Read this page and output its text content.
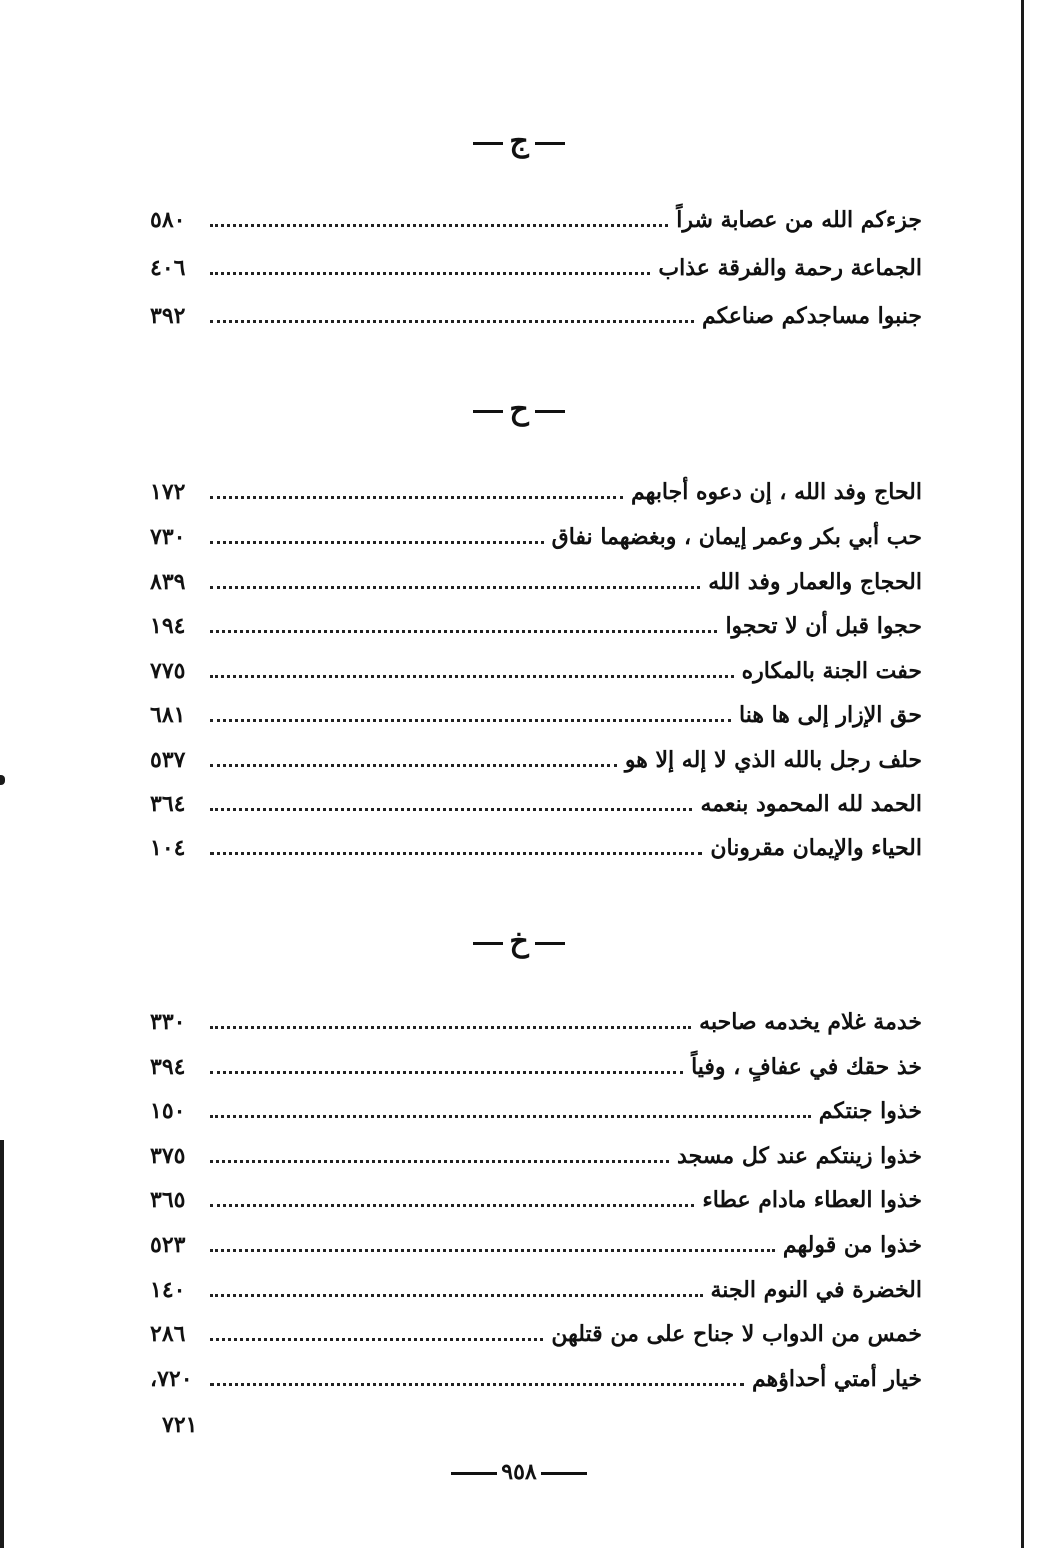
ج
جزءكم الله من عصابة شراً
٥٨٠
الجماعة رحمة والفرقة عذاب
٤٠٦
جنبوا مساجدكم صناعكم
٣٩٢
ح
الحاج وفد الله ، إن دعوه أجابهم
١٧٢
حب أبي بكر وعمر إيمان ، وبغضهما نفاق
٧٣٠
الحجاج والعمار وفد الله
٨٣٩
حجوا قبل أن لا تحجوا
١٩٤
حفت الجنة بالمكاره
٧٧٥
حق الإزار إلى ها هنا
٦٨١
حلف رجل بالله الذي لا إله إلا هو
٥٣٧
الحمد لله المحمود بنعمه
٣٦٤
الحياء والإيمان مقرونان
١٠٤
خ
خدمة غلام يخدمه صاحبه
٣٣٠
خذ حقك في عفافٍ ، وفياً
٣٩٤
خذوا جنتكم
١٥٠
خذوا زينتكم عند كل مسجد
٣٧٥
خذوا العطاء مادام عطاء
٣٦٥
خذوا من قولهم
٥٢٣
الخضرة في النوم الجنة
١٤٠
خمس من الدواب لا جناح على من قتلهن
٢٨٦
خيار أمتي أحداؤهم
٧٢٠،
٧٢١
٩٥٨
